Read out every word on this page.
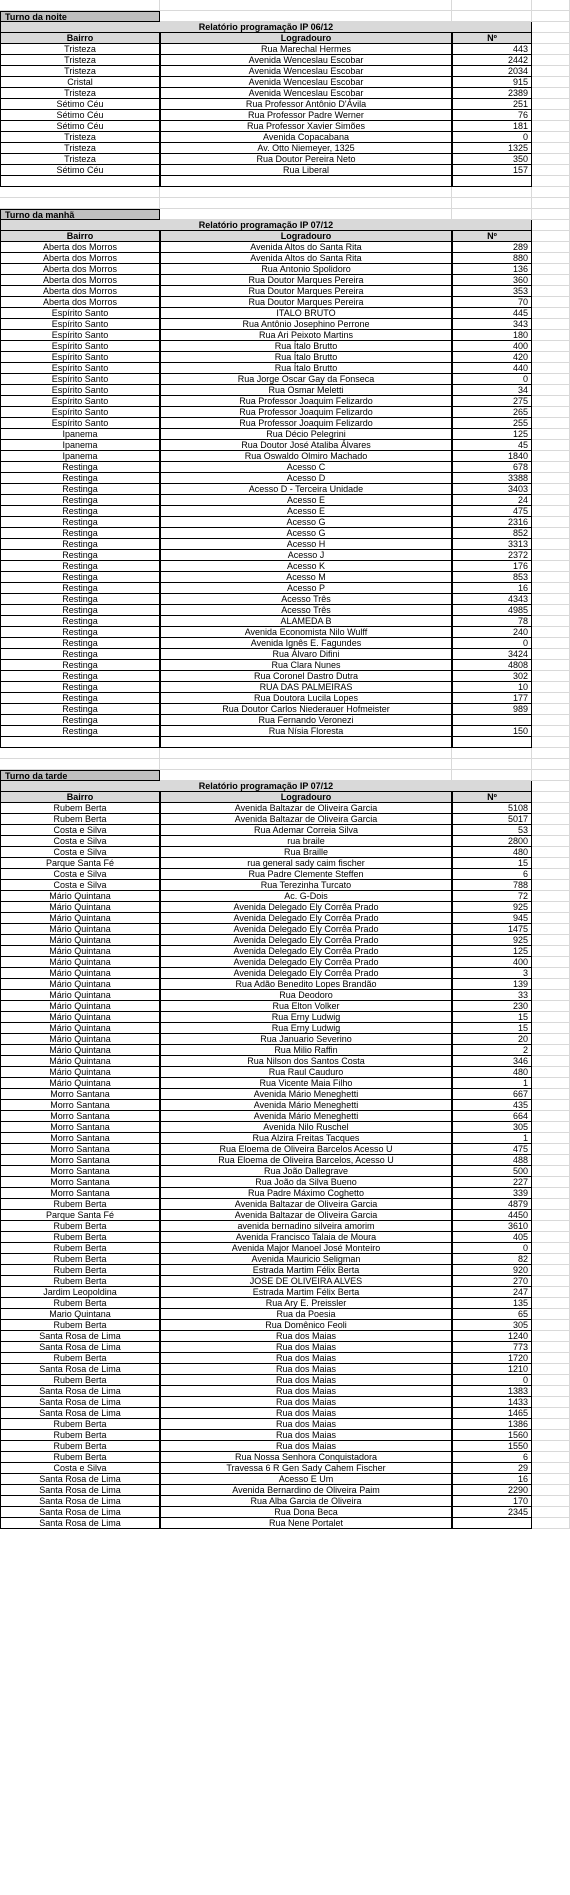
Turno da noite
Relatório programação IP 06/12
Bairro	Logradouro	Nº
Tristeza	Rua Marechal Hermes	443
Tristeza	Avenida Wenceslau Escobar	2442
Tristeza	Avenida Wenceslau Escobar	2034
Cristal	Avenida Wenceslau Escobar	915
Tristeza	Avenida Wenceslau Escobar	2389
Sétimo Céu	Rua Professor Antônio D'Ávila	251
Sétimo Céu	Rua Professor Padre Werner	76
Sétimo Céu	Rua Professor Xavier Simões	181
Tristeza	Avenida Copacabana	0
Tristeza	Av. Otto Niemeyer, 1325	1325
Tristeza	Rua Doutor Pereira Neto	350
Sétimo Céu	Rua Liberal	157
Turno da manhã
Relatório programação IP 07/12
Bairro	Logradouro	Nº
Aberta dos Morros	Avenida Altos do Santa Rita	289
Aberta dos Morros	Avenida Altos do Santa Rita	880
Aberta dos Morros	Rua Antonio Spolidoro	136
Aberta dos Morros	Rua Doutor Marques Pereira	360
Aberta dos Morros	Rua Doutor Marques Pereira	353
Aberta dos Morros	Rua Doutor Marques Pereira	70
Espírito Santo	ITALO BRUTO	445
Espírito Santo	Rua Antônio Josephino Perrone	343
Espírito Santo	Rua Ari Peixoto Martins	180
Espírito Santo	Rua Ítalo Brutto	400
Espírito Santo	Rua Ítalo Brutto	420
Espírito Santo	Rua Ítalo Brutto	440
Espírito Santo	Rua Jorge Oscar Gay da Fonseca	0
Espírito Santo	Rua Osmar Meletti	34
Espírito Santo	Rua Professor Joaquim Felizardo	275
Espírito Santo	Rua Professor Joaquim Felizardo	265
Espírito Santo	Rua Professor Joaquim Felizardo	255
Ipanema	Rua Décio Pelegrini	125
Ipanema	Rua Doutor José Ataliba Álvares	45
Ipanema	Rua Oswaldo Olmiro Machado	1840
Restinga	Acesso C	678
Restinga	Acesso D	3388
Restinga	Acesso D - Terceira Unidade	3403
Restinga	Acesso E	24
Restinga	Acesso E	475
Restinga	Acesso G	2316
Restinga	Acesso G	852
Restinga	Acesso H	3313
Restinga	Acesso J	2372
Restinga	Acesso K	176
Restinga	Acesso M	853
Restinga	Acesso P	16
Restinga	Acesso Três	4343
Restinga	Acesso Três	4985
Restinga	ALAMEDA B	78
Restinga	Avenida Economista Nilo Wulff	240
Restinga	Avenida Ignês E. Fagundes	0
Restinga	Rua Álvaro Difini	3424
Restinga	Rua Clara Nunes	4808
Restinga	Rua Coronel Dastro Dutra	302
Restinga	RUA DAS PALMEIRAS	10
Restinga	Rua Doutora Lucila Lopes	177
Restinga	Rua Doutor Carlos Niederauer Hofmeister	989
Restinga	Rua Fernando Veronezi
Restinga	Rua Nísia Floresta	150
Turno da tarde
Relatório programação IP 07/12
Bairro	Logradouro	Nº
Rubem Berta	Avenida Baltazar de Oliveira Garcia	5108
Rubem Berta	Avenida Baltazar de Oliveira Garcia	5017
Costa e Silva	Rua Ademar Correia Silva	53
Costa e Silva	rua braile	2800
Costa e Silva	Rua Braille	480
Parque Santa Fé	rua general sady caim fischer	15
Costa e Silva	Rua Padre Clemente Steffen	6
Costa e Silva	Rua Terezinha Turcato	788
Mário Quintana	Ac. G-Dois	72
Mário Quintana	Avenida Delegado Ely Corrêa Prado	925
Mário Quintana	Avenida Delegado Ely Corrêa Prado	945
Mário Quintana	Avenida Delegado Ely Corrêa Prado	1475
Mário Quintana	Avenida Delegado Ely Corrêa Prado	925
Mário Quintana	Avenida Delegado Ely Corrêa Prado	125
Mário Quintana	Avenida Delegado Ely Corrêa Prado	400
Mário Quintana	Avenida Delegado Ely Corrêa Prado	3
Mário Quintana	Rua Adão Benedito Lopes Brandão	139
Mário Quintana	Rua Deodoro	33
Mário Quintana	Rua Elton Volker	230
Mário Quintana	Rua Erny Ludwig	15
Mário Quintana	Rua Erny Ludwig	15
Mário Quintana	Rua Januario Severino	20
Mário Quintana	Rua Milio Raffin	2
Mário Quintana	Rua Nilson dos Santos Costa	346
Mário Quintana	Rua Raul Cauduro	480
Mário Quintana	Rua Vicente Maia Filho	1
Morro Santana	Avenida Mário Meneghetti	667
Morro Santana	Avenida Mário Meneghetti	435
Morro Santana	Avenida Mário Meneghetti	664
Morro Santana	Avenida Nilo Ruschel	305
Morro Santana	Rua Alzira Freitas Tacques	1
Morro Santana	Rua Eloema de Oliveira Barcelos Acesso U	475
Morro Santana	Rua Eloema de Oliveira Barcelos, Acesso U	488
Morro Santana	Rua João Dallegrave	500
Morro Santana	Rua João da Silva Bueno	227
Morro Santana	Rua Padre Máximo Coghetto	339
Rubem Berta	Avenida Baltazar de Oliveira Garcia	4879
Parque Santa Fé	Avenida Baltazar de Oliveira Garcia	4450
Rubem Berta	avenida bernadino silveira amorim	3610
Rubem Berta	Avenida Francisco Talaia de Moura	405
Rubem Berta	Avenida Major Manoel José Monteiro	0
Rubem Berta	Avenida Mauricio Seligman	82
Rubem Berta	Estrada Martim Félix Berta	920
Rubem Berta	JOSE DE OLIVEIRA ALVES	270
Jardim Leopoldina	Estrada Martim Félix Berta	247
Rubem Berta	Rua Ary E. Preissler	135
Mario Quintana	Rua da Poesia	65
Rubem Berta	Rua Domênico Feoli	305
Santa Rosa de Lima	Rua dos Maias	1240
Santa Rosa de Lima	Rua dos Maias	773
Rubem Berta	Rua dos Maias	1720
Santa Rosa de Lima	Rua dos Maias	1210
Rubem Berta	Rua dos Maias	0
Santa Rosa de Lima	Rua dos Maias	1383
Santa Rosa de Lima	Rua dos Maias	1433
Santa Rosa de Lima	Rua dos Maias	1465
Rubem Berta	Rua dos Maias	1386
Rubem Berta	Rua dos Maias	1560
Rubem Berta	Rua dos Maias	1550
Rubem Berta	Rua Nossa Senhora Conquistadora	6
Costa e Silva	Travessa 6 R Gen Sady Cahem Fischer	29
Santa Rosa de Lima	Acesso E Um	16
Santa Rosa de Lima	Avenida Bernardino de Oliveira Paim	2290
Santa Rosa de Lima	Rua Alba Garcia de Oliveira	170
Santa Rosa de Lima	Rua Dona Beca	2345
Santa Rosa de Lima	Rua Nene Portalet
